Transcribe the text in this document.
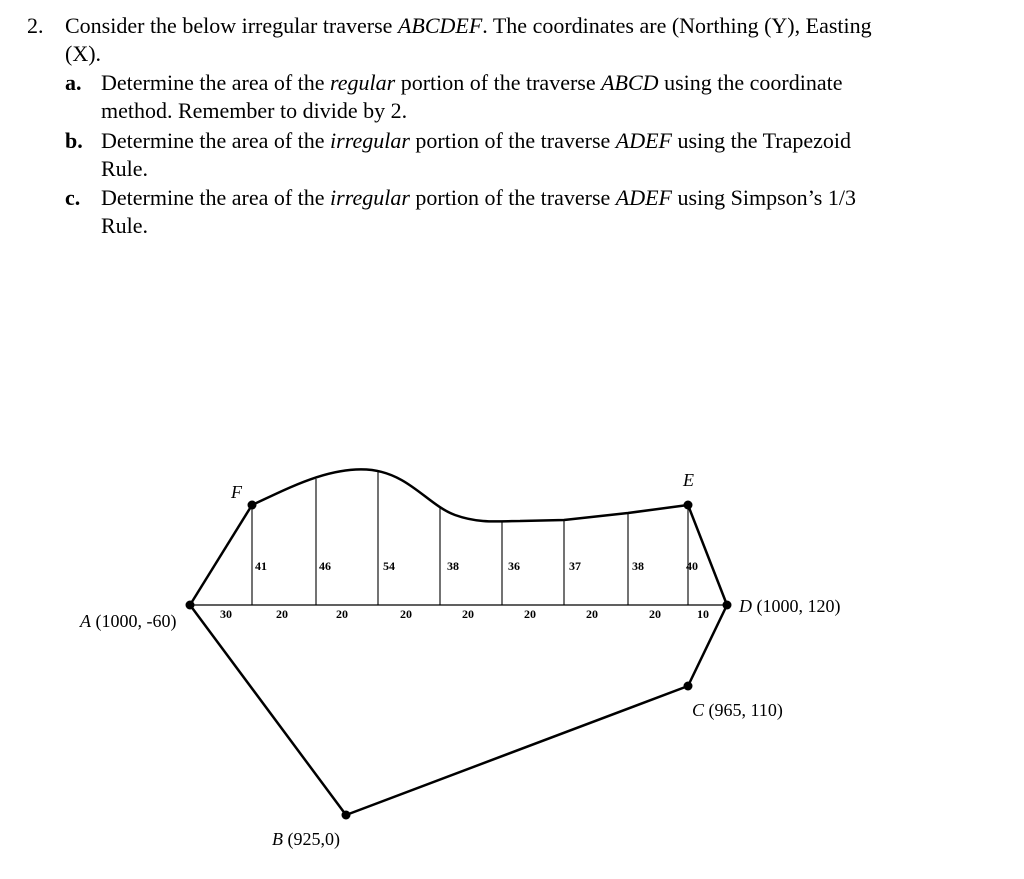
2. Consider the below irregular traverse ABCDEF. The coordinates are (Northing (Y), Easting
(X).
a. Determine the area of the regular portion of the traverse ABCD using the coordinate
method. Remember to divide by 2.
b. Determine the area of the irregular portion of the traverse ADEF using the Trapezoid
Rule.
c. Determine the area of the irregular portion of the traverse ADEF using Simpson’s 1/3
Rule.
A (1000, -60)
B (925,0)
C (965, 110)
D (1000, 120)
E
F
41	46	54	38	36	37	38	40
30	20	20	20	20	20	20	20	10
